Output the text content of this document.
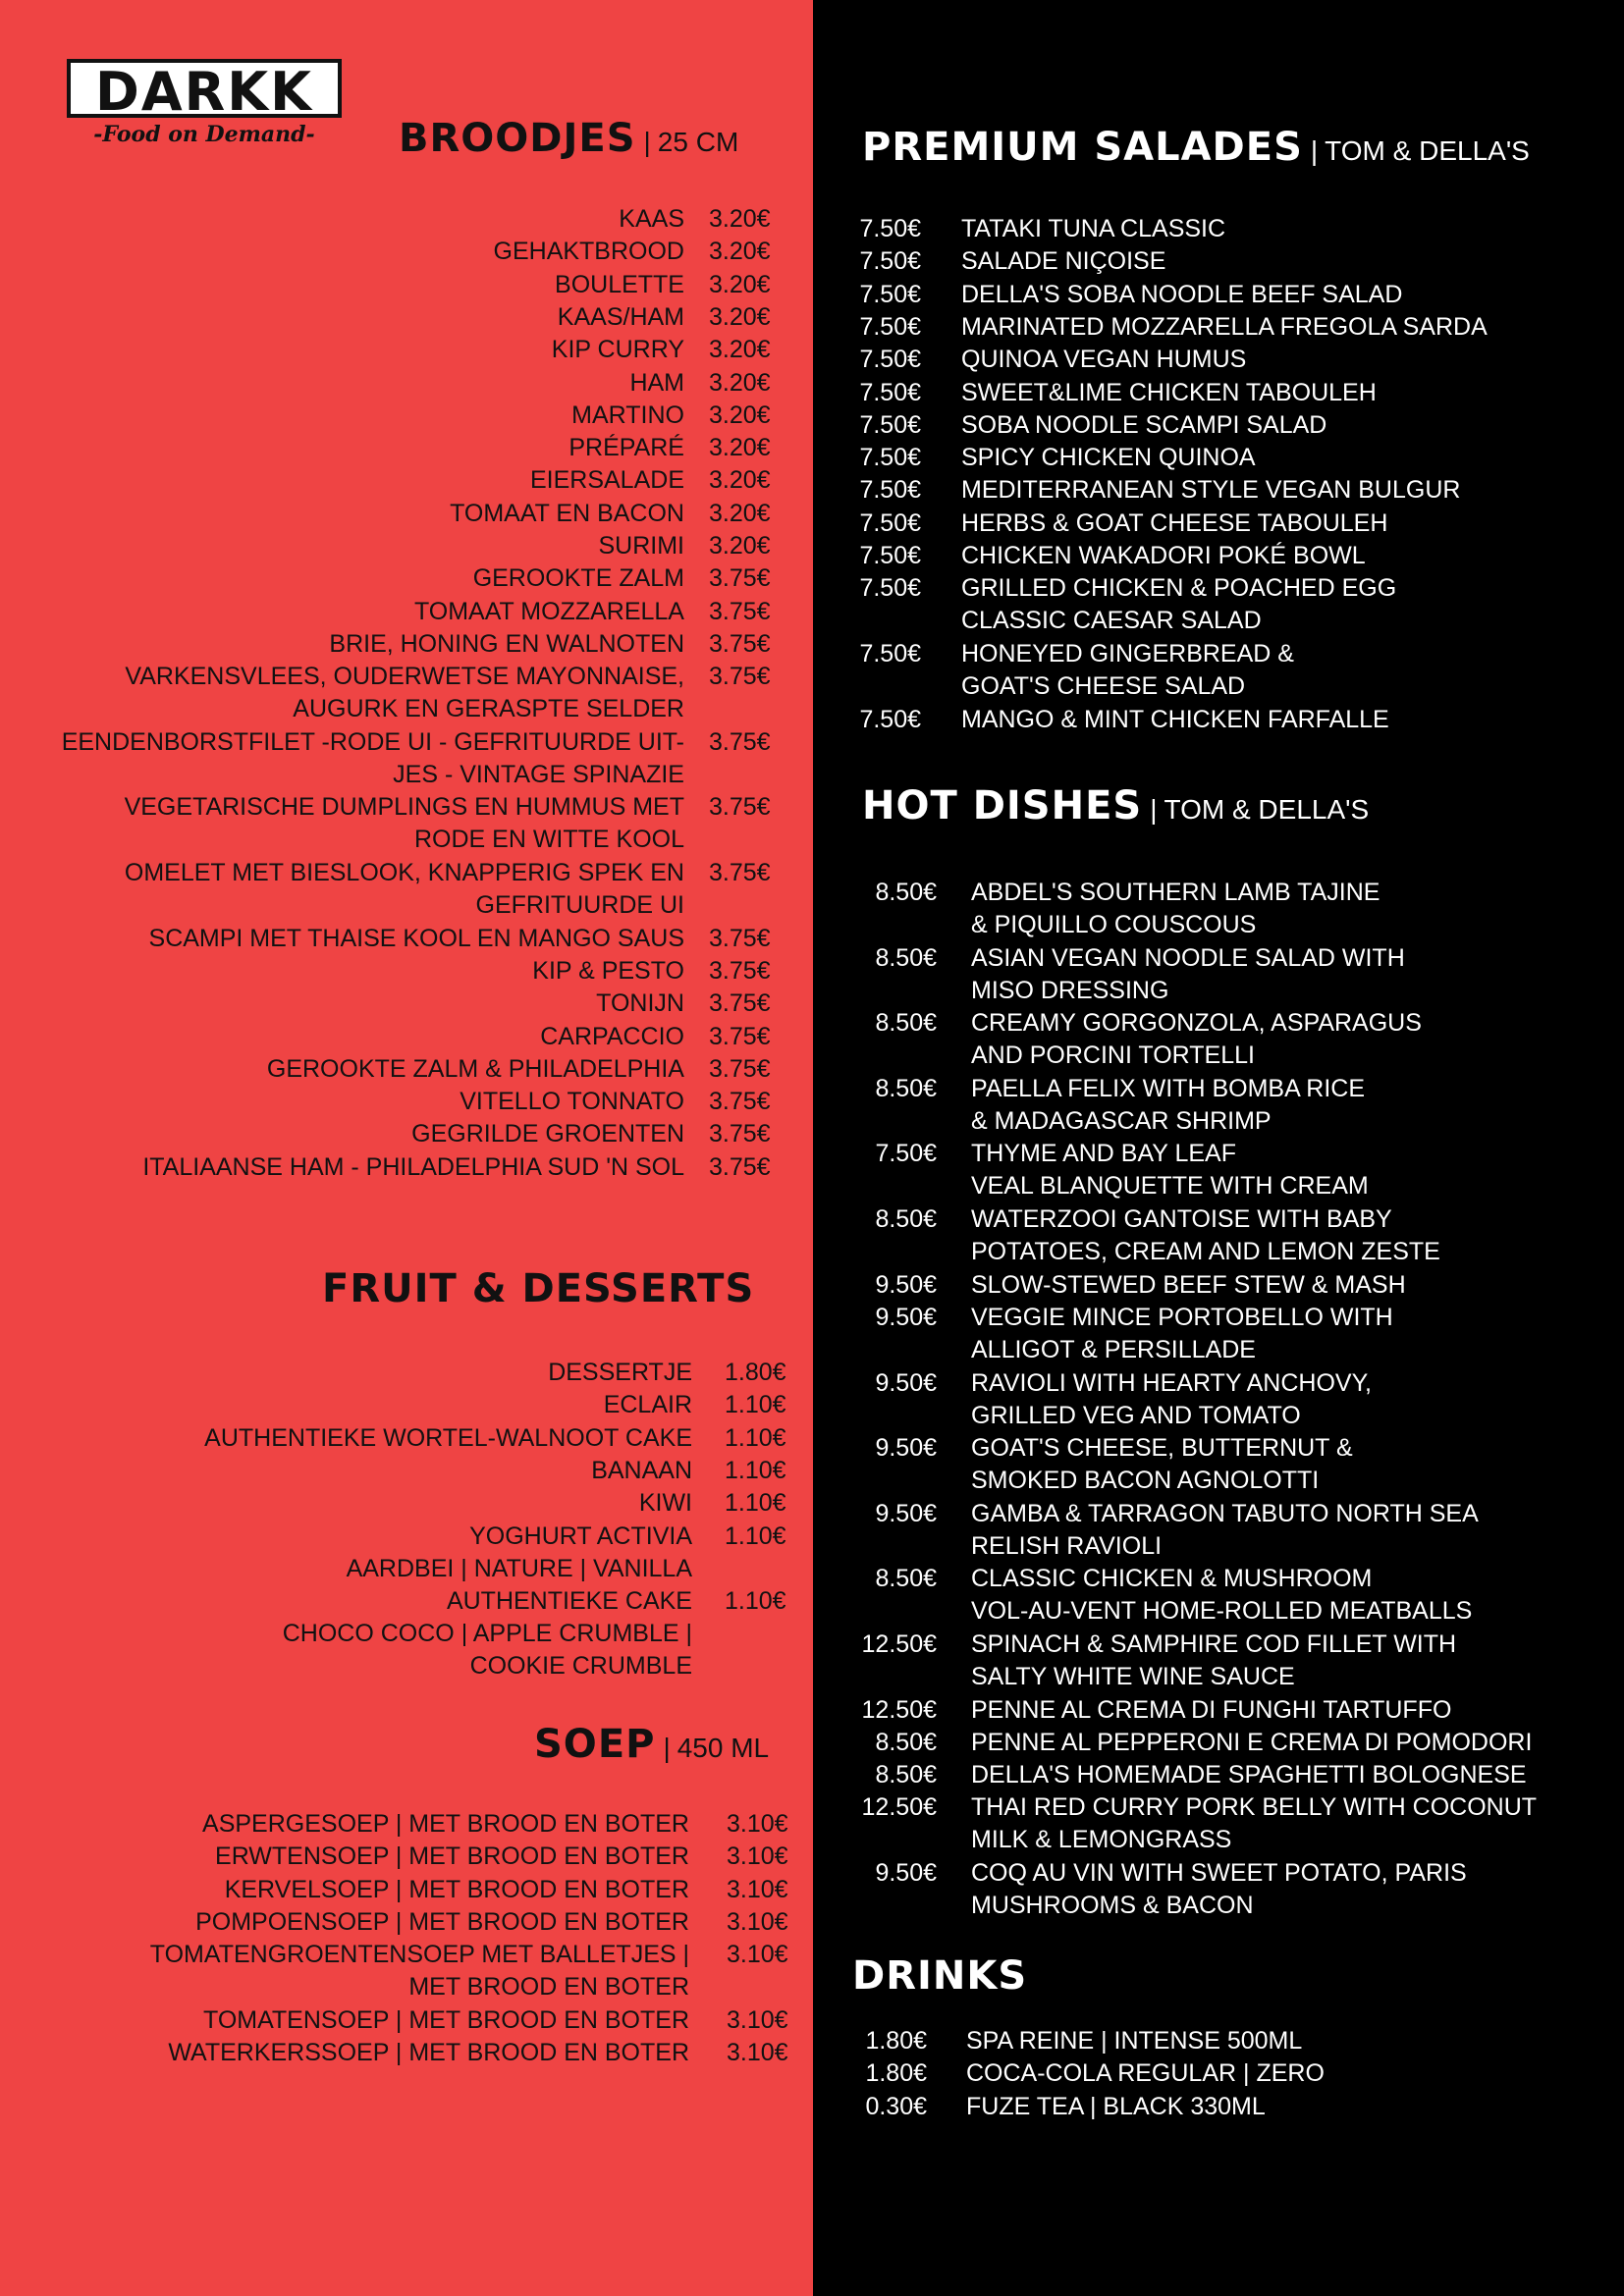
DARKK
-Food on Demand-	BROODJES | 25 CM
KAAS 3.20€
GEHAKTBROOD 3.20€
BOULETTE 3.20€
KAAS/HAM 3.20€
KIP CURRY 3.20€
HAM 3.20€
MARTINO 3.20€
PRÉPARÉ 3.20€
EIERSALADE 3.20€
TOMAAT EN BACON 3.20€
SURIMI 3.20€
GEROOKTE ZALM 3.75€
TOMAAT MOZZARELLA 3.75€
BRIE, HONING EN WALNOTEN 3.75€
VARKENSVLEES, OUDERWETSE MAYONNAISE,
AUGURK EN GERASPTE SELDER
3.75€
EENDENBORSTFILET -RODE UI - GEFRITUURDE UIT-
JES - VINTAGE SPINAZIE
3.75€
VEGETARISCHE DUMPLINGS EN HUMMUS MET
RODE EN WITTE KOOL
3.75€
OMELET MET BIESLOOK, KNAPPERIG SPEK EN
GEFRITUURDE UI
3.75€
SCAMPI MET THAISE KOOL EN MANGO SAUS 3.75€
KIP & PESTO 3.75€
TONIJN 3.75€
CARPACCIO 3.75€
GEROOKTE ZALM & PHILADELPHIA 3.75€
VITELLO TONNATO 3.75€
GEGRILDE GROENTEN 3.75€
ITALIAANSE HAM - PHILADELPHIA SUD 'N SOL 3.75€
FRUIT & DESSERTS
DESSERTJE 1.80€
ECLAIR 1.10€
AUTHENTIEKE WORTEL-WALNOOT CAKE 1.10€
BANAAN 1.10€
KIWI 1.10€
YOGHURT ACTIVIA
AARDBEI | NATURE | VANILLA
1.10€
AUTHENTIEKE CAKE
CHOCO COCO | APPLE CRUMBLE |
COOKIE CRUMBLE
1.10€
SOEP | 450 ML
ASPERGESOEP | MET BROOD EN BOTER 3.10€
ERWTENSOEP | MET BROOD EN BOTER 3.10€
KERVELSOEP | MET BROOD EN BOTER 3.10€
POMPOENSOEP | MET BROOD EN BOTER 3.10€
TOMATENGROENTENSOEP MET BALLETJES |
MET BROOD EN BOTER
3.10€
TOMATENSOEP | MET BROOD EN BOTER 3.10€
WATERKERSSOEP | MET BROOD EN BOTER 3.10€
PREMIUM SALADES | TOM & DELLA'S
7.50€ TATAKI TUNA CLASSIC
7.50€ SALADE NIÇOISE
7.50€ DELLA'S SOBA NOODLE BEEF SALAD
7.50€ MARINATED MOZZARELLA FREGOLA SARDA
7.50€ QUINOA VEGAN HUMUS
7.50€ SWEET&LIME CHICKEN TABOULEH
7.50€ SOBA NOODLE SCAMPI SALAD
7.50€ SPICY CHICKEN QUINOA
7.50€ MEDITERRANEAN STYLE VEGAN BULGUR
7.50€ HERBS & GOAT CHEESE TABOULEH
7.50€ CHICKEN WAKADORI POKÉ BOWL
7.50€ GRILLED CHICKEN & POACHED EGG
CLASSIC CAESAR SALAD
7.50€ HONEYED GINGERBREAD &
GOAT'S CHEESE SALAD
7.50€ MANGO & MINT CHICKEN FARFALLE
HOT DISHES | TOM & DELLA'S
8.50€ ABDEL'S SOUTHERN LAMB TAJINE
& PIQUILLO COUSCOUS
8.50€ ASIAN VEGAN NOODLE SALAD WITH
MISO DRESSING
8.50€ CREAMY GORGONZOLA, ASPARAGUS
AND PORCINI TORTELLI
8.50€ PAELLA FELIX WITH BOMBA RICE
& MADAGASCAR SHRIMP
7.50€ THYME AND BAY LEAF
VEAL BLANQUETTE WITH CREAM
8.50€ WATERZOOI GANTOISE WITH BABY
POTATOES, CREAM AND LEMON ZESTE
9.50€ SLOW-STEWED BEEF STEW & MASH
9.50€ VEGGIE MINCE PORTOBELLO WITH
ALLIGOT & PERSILLADE
9.50€ RAVIOLI WITH HEARTY ANCHOVY,
GRILLED VEG AND TOMATO
9.50€ GOAT'S CHEESE, BUTTERNUT &
SMOKED BACON AGNOLOTTI
9.50€ GAMBA & TARRAGON TABUTO NORTH SEA
RELISH RAVIOLI
8.50€ CLASSIC CHICKEN & MUSHROOM
VOL-AU-VENT HOME-ROLLED MEATBALLS
12.50€ SPINACH & SAMPHIRE COD FILLET WITH
SALTY WHITE WINE SAUCE
12.50€ PENNE AL CREMA DI FUNGHI TARTUFFO
8.50€ PENNE AL PEPPERONI E CREMA DI POMODORI
8.50€ DELLA'S HOMEMADE SPAGHETTI BOLOGNESE
12.50€ THAI RED CURRY PORK BELLY WITH COCONUT
MILK & LEMONGRASS
9.50€ COQ AU VIN WITH SWEET POTATO, PARIS
MUSHROOMS & BACON
DRINKS
1.80€ SPA REINE | INTENSE 500ML
1.80€ COCA-COLA REGULAR | ZERO
0.30€ FUZE TEA | BLACK 330ML
